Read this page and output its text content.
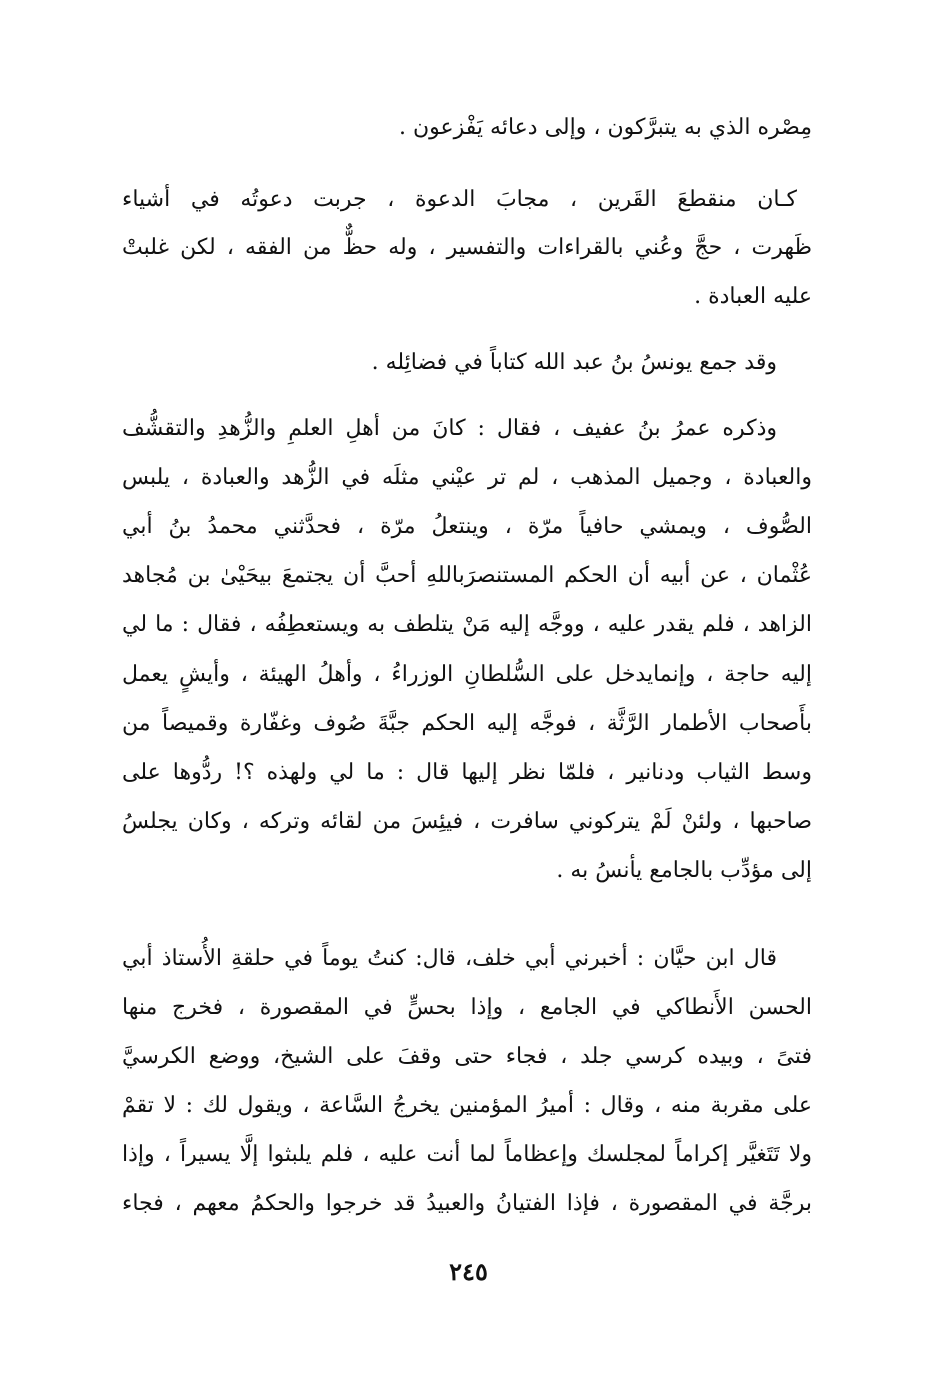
مِصْره الذي به يتبرَّكون ، وإلى دعائه يَفْزعون .
كـان منقطعَ القَرين ، مجابَ الدعوة ، جربت دعوتُه في أشياء
ظَهرت ، حجَّ وعُني بالقراءات والتفسير ، وله حظٌّ من الفقه ، لكن غلبتْ
عليه العبادة .
وقد جمع يونسُ بنُ عبد الله كتاباً في فضائِله .
وذكره عمرُ بنُ عفيف ، فقال : كانَ من أهلِ العلمِ والزُّهدِ والتقشُّف
والعبادة ، وجميل المذهب ، لم تر عيْني مثلَه في الزُّهد والعبادة ، يلبس
الصُّوف ، ويمشي حافياً مرّة ، وينتعلُ مرّة ، فحدَّثني محمدُ بنُ أبي
عُثْمان ، عن أبيه أن الحكم المستنصرَباللهِ أحبَّ أن يجتمعَ بيحَيْىٰ بن مُجاهد
الزاهد ، فلم يقدر عليه ، ووجَّه إليه مَنْ يتلطف به ويستعطِفُه ، فقال : ما لي
إليه حاجة ، وإنمايدخل على السُّلطانِ الوزراءُ ، وأهلُ الهيئة ، وأيشٍ يعمل
بأَصحاب الأطمار الرَّثَّة ، فوجَّه إليه الحكم جبَّةَ صُوف وغفّارة وقميصاً من
وسط الثياب ودنانير ، فلمّا نظر إليها قال : ما لي ولهذه ؟! ردُّوها على
صاحبها ، ولئنْ لَمْ يتركوني سافرت ، فيئِسَ من لقائه وتركه ، وكان يجلسُ
إلى مؤدِّب بالجامع يأنسُ به .
قال ابن حيَّان : أخبرني أبي خلف، قال: كنتُ يوماً في حلقةِ الأُستاذ أبي
الحسن الأَنطاكي في الجامع ، وإذا بحسٍّ في المقصورة ، فخرج منها
فتىً ، وبيده كرسي جلد ، فجاء حتى وقفَ على الشيخ، ووضع الكرسيَّ
على مقربة منه ، وقال : أميرُ المؤمنين يخرجُ السَّاعة ، ويقول لك : لا تقمْ
ولا تَتَغيَّر إكراماً لمجلسك وإعظاماً لما أنت عليه ، فلم يلبثوا إلَّا يسيراً ، وإذا
برجَّة في المقصورة ، فإذا الفتيانُ والعبيدُ قد خرجوا والحكمُ معهم ، فجاء
٢٤٥
